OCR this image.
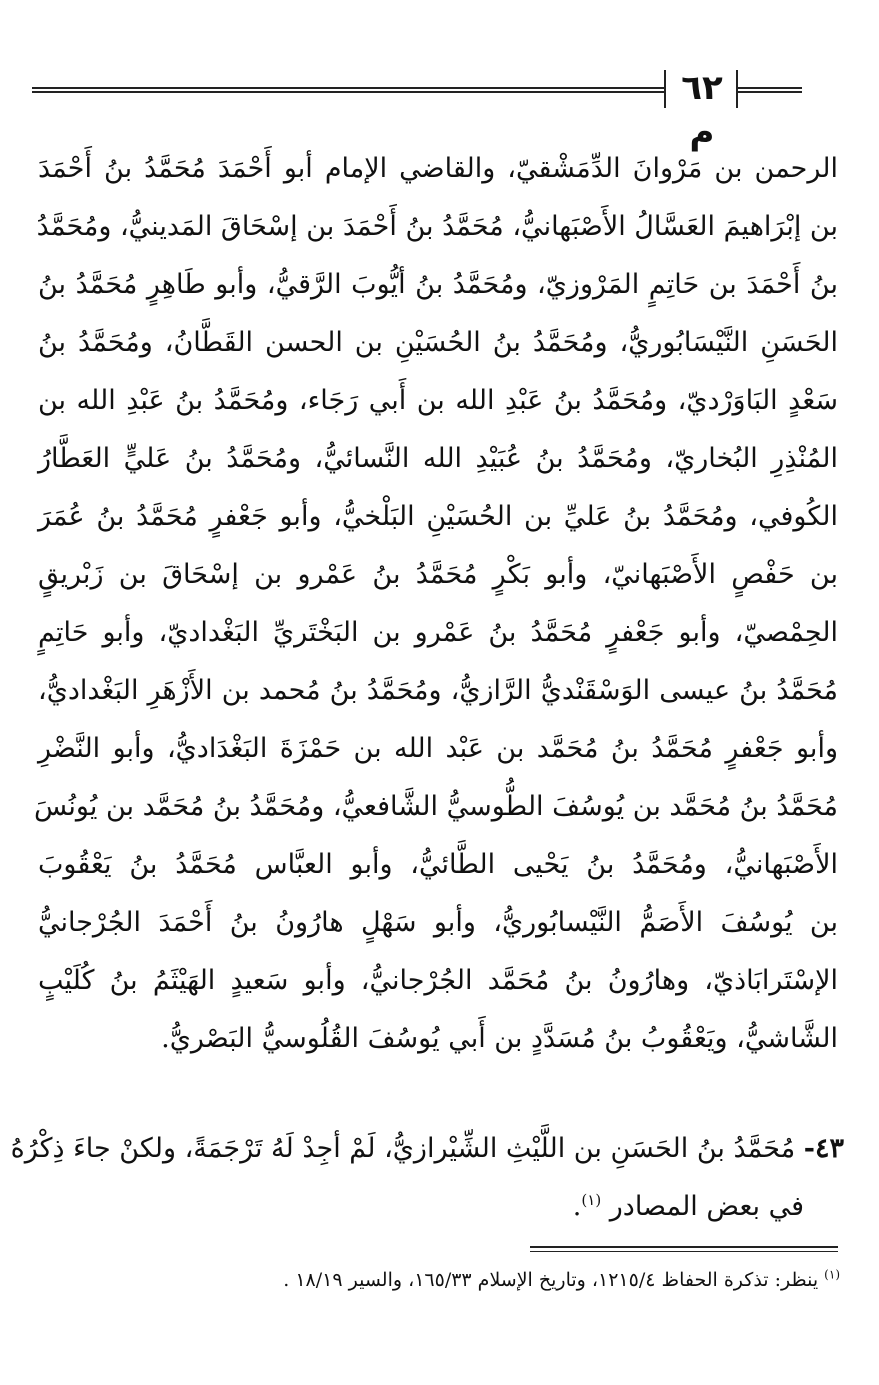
٦٢ م
الرحمن بن مَرْوانَ الدِّمَشْقيّ، والقاضي الإمام أبو أَحْمَدَ مُحَمَّدُ بنُ أَحْمَدَ
بن إبْرَاهيمَ العَسَّالُ الأَصْبَهانيُّ، مُحَمَّدُ بنُ أَحْمَدَ بن إسْحَاقَ المَدينيُّ، ومُحَمَّدُ
بنُ أَحْمَدَ بن حَاتِمٍ المَرْوزيّ، ومُحَمَّدُ بنُ أيُّوبَ الرَّقيُّ، وأبو طَاهِرٍ مُحَمَّدُ بنُ
الحَسَنِ النَّيْسَابُوريُّ، ومُحَمَّدُ بنُ الحُسَيْنِ بن الحسن القَطَّانُ، ومُحَمَّدُ بنُ
سَعْدٍ البَاوَرْديّ، ومُحَمَّدُ بنُ عَبْدِ الله بن أَبي رَجَاء، ومُحَمَّدُ بنُ عَبْدِ الله بن
المُنْذِرِ البُخاريّ، ومُحَمَّدُ بنُ عُبَيْدِ الله النَّسائيُّ، ومُحَمَّدُ بنُ عَليٍّ العَطَّارُ
الكُوفي، ومُحَمَّدُ بنُ عَليِّ بن الحُسَيْنِ البَلْخيُّ، وأبو جَعْفرٍ مُحَمَّدُ بنُ عُمَرَ
بن حَفْصٍ الأَصْبَهانيّ، وأبو بَكْرٍ مُحَمَّدُ بنُ عَمْرو بن إسْحَاقَ بن زَبْريقٍ
الحِمْصيّ، وأبو جَعْفرٍ مُحَمَّدُ بنُ عَمْرو بن البَخْتَريِّ البَغْداديّ، وأبو حَاتِمٍ
مُحَمَّدُ بنُ عيسى الوَسْقَنْديُّ الرَّازيُّ، ومُحَمَّدُ بنُ مُحمد بن الأَزْهَرِ البَغْداديُّ،
وأبو جَعْفرٍ مُحَمَّدُ بنُ مُحَمَّد بن عَبْد الله بن حَمْزَةَ البَغْدَاديُّ، وأبو النَّضْرِ
مُحَمَّدُ بنُ مُحَمَّد بن يُوسُفَ الطُّوسيُّ الشَّافعيُّ، ومُحَمَّدُ بنُ مُحَمَّد بن يُونُسَ
الأَصْبَهانيُّ، ومُحَمَّدُ بنُ يَحْيى الطَّائيُّ، وأبو العبَّاس مُحَمَّدُ بنُ يَعْقُوبَ
بن يُوسُفَ الأَصَمُّ النَّيْسابُوريُّ، وأبو سَهْلٍ هارُونُ بنُ أَحْمَدَ الجُرْجانيُّ
الإسْتَرابَاذيّ، وهارُونُ بنُ مُحَمَّد الجُرْجانيُّ، وأبو سَعيدٍ الهَيْثَمُ بنُ كُلَيْبٍ
الشَّاشيُّ، ويَعْقُوبُ بنُ مُسَدَّدٍ بن أَبي يُوسُفَ القُلُوسيُّ البَصْريُّ.
٤٣- مُحَمَّدُ بنُ الحَسَنِ بن اللَّيْثِ الشِّيْرازيُّ، لَمْ أجِدْ لَهُ تَرْجَمَةً، ولكنْ جاءَ ذِكْرُهُ
في بعض المصادر $^{(١)}$.
$^{(١)}$ ينظر: تذكرة الحفاظ ١٢١٥/٤، وتاريخ الإسلام ١٦٥/٣٣، والسير ١٨/١٩ .
